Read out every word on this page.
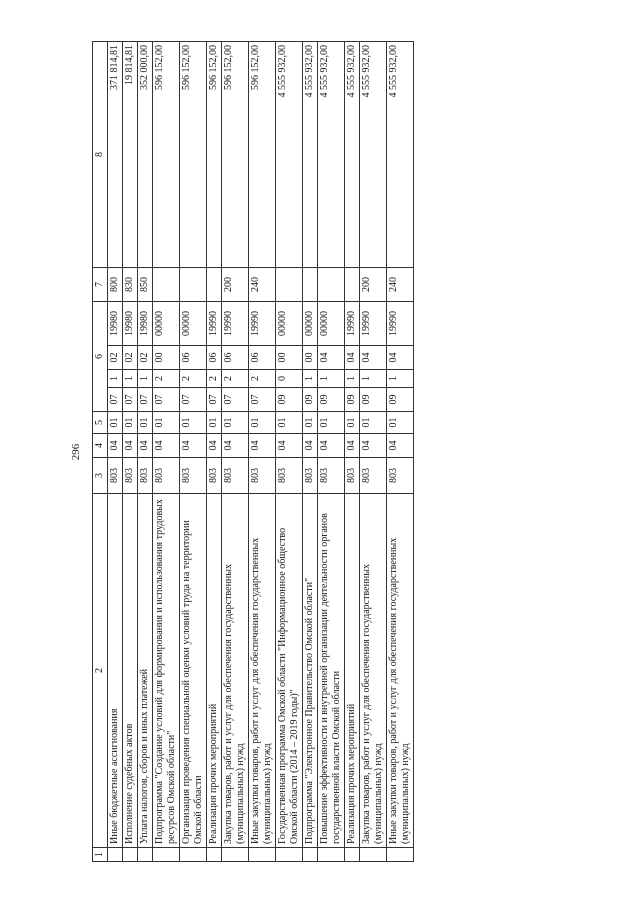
296
1	2	3	4	5	6				7	8
	Иные бюджетные ассигнования	803	04	01	07	1	02	19980	800	371 814,81
	Исполнение судебных актов	803	04	01	07	1	02	19980	830	19 814,81
	Уплата налогов, сборов и иных платежей	803	04	01	07	1	02	19980	850	352 000,00
	Подпрограмма "Создание условий для формирования и использования трудовых ресурсов Омской области"	803	04	01	07	2	00	00000		596 152,00
	Организация проведения специальной оценки условий труда на территории Омской области	803	04	01	07	2	06	00000		596 152,00
	Реализация прочих мероприятий	803	04	01	07	2	06	19990		596 152,00
	Закупка товаров, работ и услуг для обеспечения государственных (муниципальных) нужд	803	04	01	07	2	06	19990	200	596 152,00
	Иные закупки товаров, работ и услуг для обеспечения государственных (муниципальных) нужд	803	04	01	07	2	06	19990	240	596 152,00
	Государственная программа Омской области "Информационное общество Омской области (2014 – 2019 годы)"	803	04	01	09	0	00	00000		4 555 932,00
	Подпрограмма "Электронное Правительство Омской области"	803	04	01	09	1	00	00000		4 555 932,00
	Повышение эффективности и внутренней организации деятельности органов государственной власти Омской области	803	04	01	09	1	04	00000		4 555 932,00
	Реализация прочих мероприятий	803	04	01	09	1	04	19990		4 555 932,00
	Закупка товаров, работ и услуг для обеспечения государственных (муниципальных) нужд	803	04	01	09	1	04	19990	200	4 555 932,00
	Иные закупки товаров, работ и услуг для обеспечения государственных (муниципальных) нужд	803	04	01	09	1	04	19990	240	4 555 932,00
